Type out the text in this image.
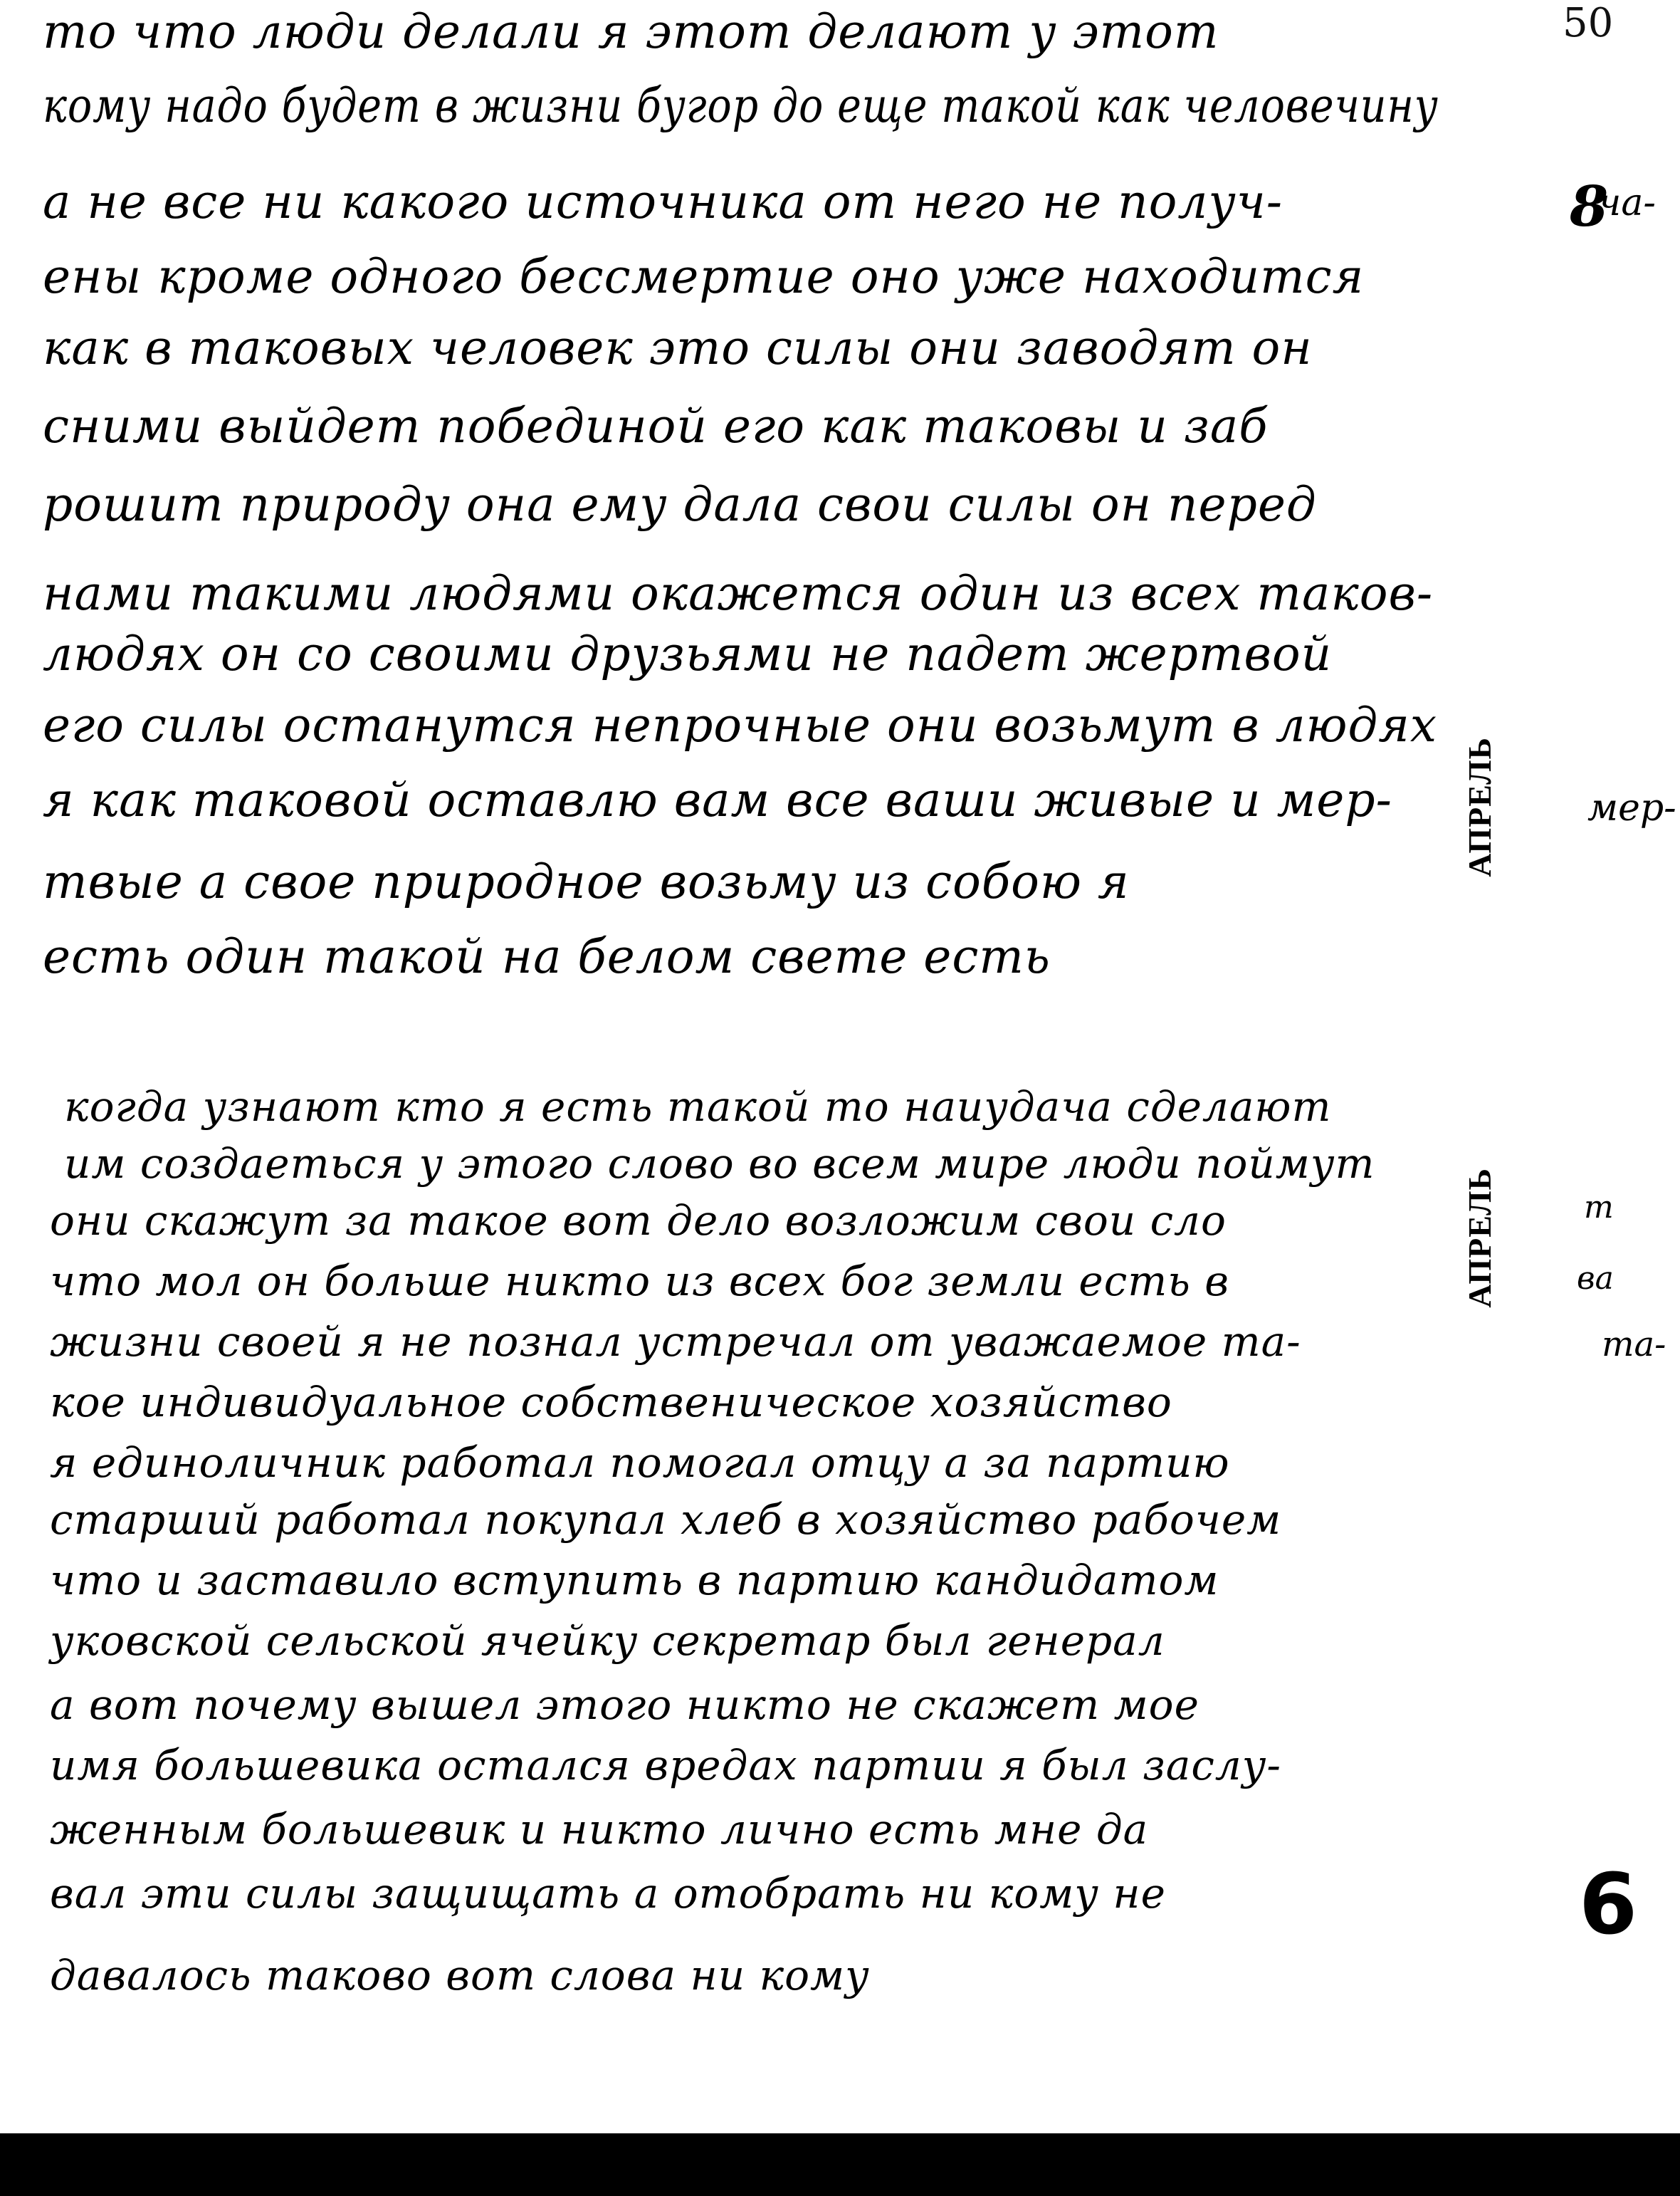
50
то что люди делали я этот делают у этот
кому надо будет в жизни бугор до еще такой как человечину
а не все ни какого источника от него не получ-
ены кроме одного бессмертие оно уже находится
как в таковых человек это силы они заводят он
сними выйдет побединой его как таковы и заб
рошит природу она ему дала свои силы он перед
нами такими людями окажется один из всех таков-
людях он со своими друзьями не падет жертвой
его силы останутся непрочные они возьмут в людях
я как таковой оставлю вам все ваши живые и мер-
твые а свое природное возьму из собою я
есть один такой на белом свете есть
8
АПРЕЛЬ
когда узнают кто я есть такой то наиудача сделают
им создаеться у этого слово во всем мире люди поймут
они скажут за такое вот дело возложим свои сло
что мол он больше никто из всех бог земли есть в
жизни своей я не познал устречал от уважаемое та-
кое индивидуальное собственическое хозяйство
я единоличник работал помогал отцу а за партию
старший работал покупал хлеб в хозяйство рабочем
что и заставило вступить в партию кандидатом
уковской сельской ячейку секретар был генерал
а вот почему вышел этого никто не скажет мое
имя большевика остался вредах партии я был заслу-
женным большевик и никто лично есть мне да
вал эти силы защищать а отобрать ни кому не
давалось таково вот слова ни кому
АПРЕЛЬ
6
ча-
мер-
ва
т
та-
